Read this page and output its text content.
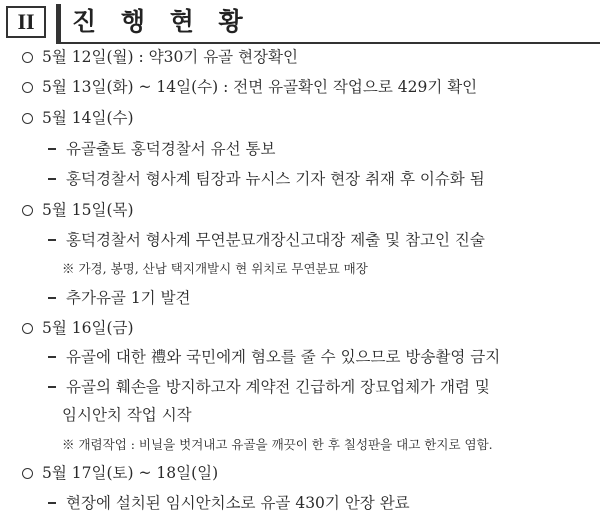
II	진 행 현 황
5월 12일(월) : 약30기 유골 현장확인
5월 13일(화) ~ 14일(수) : 전면 유골확인 작업으로 429기 확인
5월 14일(수)
유골출토 홍덕경찰서 유선 통보
홍덕경찰서 형사계 팀장과 뉴시스 기자 현장 취재 후 이슈화 됨
5월 15일(목)
홍덕경찰서 형사계 무연분묘개장신고대장 제출 및 참고인 진술
※ 가경, 봉명, 산남 택지개발시 현 위치로 무연분묘 매장
추가유골 1기 발견
5월 16일(금)
유골에 대한 禮와 국민에게 혐오를 줄 수 있으므로 방송촬영 금지
유골의 훼손을 방지하고자 계약전 긴급하게 장묘업체가 개렴 및
임시안치 작업 시작
※ 개렴작업 : 비닐을 벗겨내고 유골을 깨끗이 한 후 칠성판을 대고 한지로 염함.
5월 17일(토) ~ 18일(일)
현장에 설치된 임시안치소로 유골 430기 안장 완료
